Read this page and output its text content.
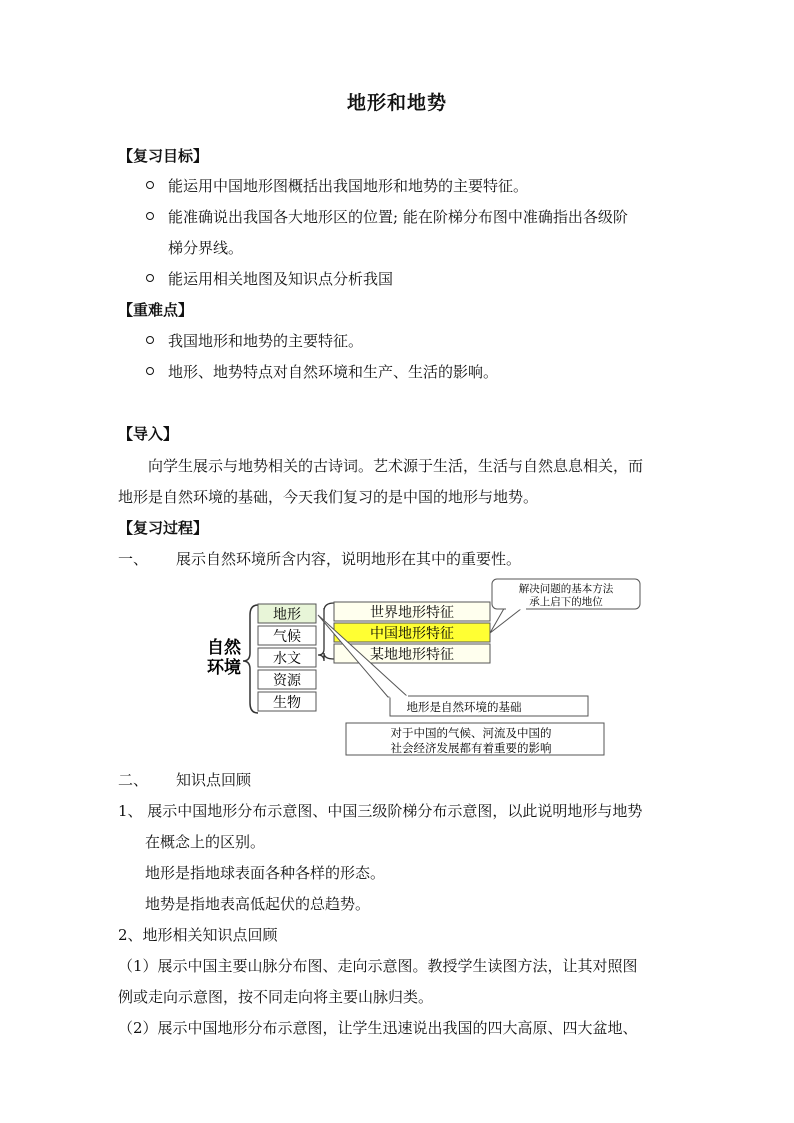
地形和地势
【复习目标】
能运用中国地形图概括出我国地形和地势的主要特征。
能准确说出我国各大地形区的位置; 能在阶梯分布图中准确指出各级阶
梯分界线。
能运用相关地图及知识点分析我国
【重难点】
我国地形和地势的主要特征。
地形、地势特点对自然环境和生产、生活的影响。
【导入】
向学生展示与地势相关的古诗词。艺术源于生活，生活与自然息息相关，而
地形是自然环境的基础，今天我们复习的是中国的地形与地势。
【复习过程】
一、 展示自然环境所含内容，说明地形在其中的重要性。
自然
环境
地形
气候
水文
资源
生物
世界地形特征
中国地形特征
某地地形特征
解决问题的基本方法
承上启下的地位
地形是自然环境的基础
对于中国的气候、河流及中国的
社会经济发展都有着重要的影响
二、 知识点回顾
1、 展示中国地形分布示意图、中国三级阶梯分布示意图，以此说明地形与地势
在概念上的区别。
地形是指地球表面各种各样的形态。
地势是指地表高低起伏的总趋势。
2、地形相关知识点回顾
（1）展示中国主要山脉分布图、走向示意图。教授学生读图方法，让其对照图
例或走向示意图，按不同走向将主要山脉归类。
（2）展示中国地形分布示意图，让学生迅速说出我国的四大高原、四大盆地、
